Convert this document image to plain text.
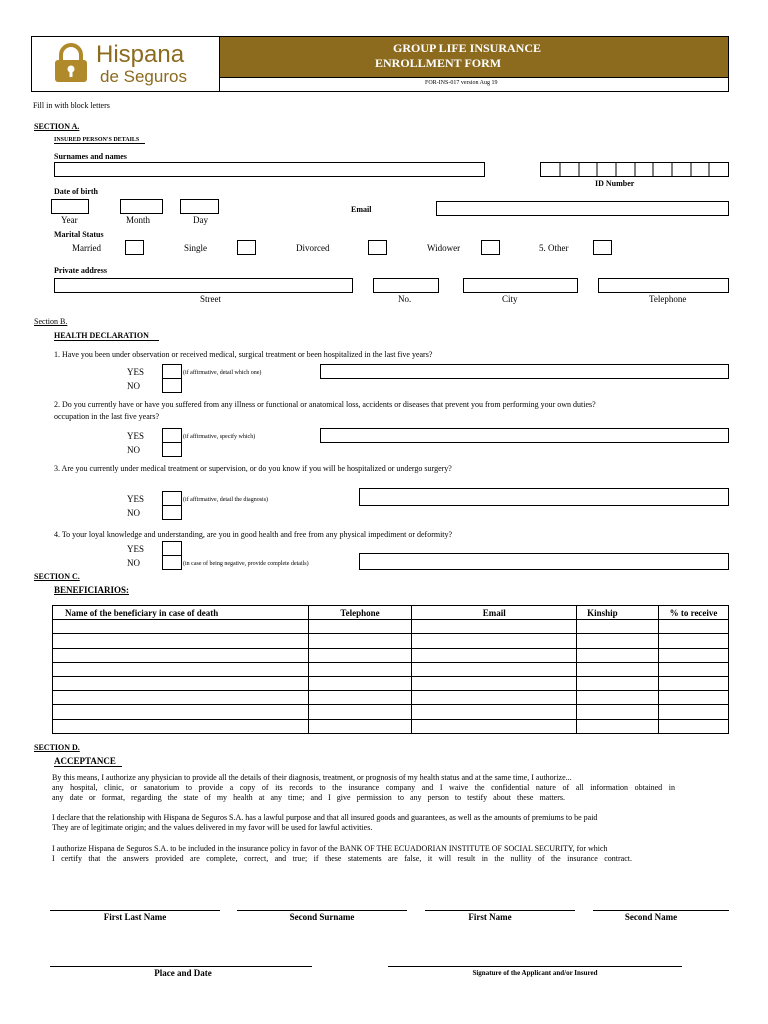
Hispana
de Seguros
GROUP LIFE INSURANCE
ENROLLMENT FORM
FOR-INS-017 version Aug 19
Fill in with block letters
SECTION A.
INSURED PERSON'S DETAILS
Surnames and names
ID Number
Date of birth
Year	Month	Day
Email
Marital Status
Married	Single	Divorced	Widower	5. Other
Private address
Street	No.	City	Telephone
Section B.
HEALTH DECLARATION
1. Have you been under observation or received medical, surgical treatment or been hospitalized in the last five years?
YES	(if affirmative, detail which one)
NO
2. Do you currently have or have you suffered from any illness or functional or anatomical loss, accidents or diseases that prevent you from performing your own duties?
occupation in the last five years?
YES	(if affirmative, specify which)
NO
3. Are you currently under medical treatment or supervision, or do you know if you will be hospitalized or undergo surgery?
YES	(if affirmative, detail the diagnosis)
NO
4. To your loyal knowledge and understanding, are you in good health and free from any physical impediment or deformity?
YES
NO	(in case of being negative, provide complete details)
SECTION C.
BENEFICIARIOS:
Name of the beneficiary in case of death	Telephone	Email	Kinship	% to receive

SECTION D.
ACCEPTANCE
By this means, I authorize any physician to provide all the details of their diagnosis, treatment, or prognosis of my health status and at the same time, I authorize...
any hospital, clinic, or sanatorium to provide a copy of its records to the insurance company and I waive the confidential nature of all information obtained in
any date or format, regarding the state of my health at any time; and I give permission to any person to testify about these matters.
I declare that the relationship with Hispana de Seguros S.A. has a lawful purpose and that all insured goods and guarantees, as well as the amounts of premiums to be paid
They are of legitimate origin; and the values delivered in my favor will be used for lawful activities.
I authorize Hispana de Seguros S.A. to be included in the insurance policy in favor of the BANK OF THE ECUADORIAN INSTITUTE OF SOCIAL SECURITY, for which
I certify that the answers provided are complete, correct, and true; if these statements are false, it will result in the nullity of the insurance contract.
First Last Name	Second Surname	First Name	Second Name
Place and Date	Signature of the Applicant and/or Insured
